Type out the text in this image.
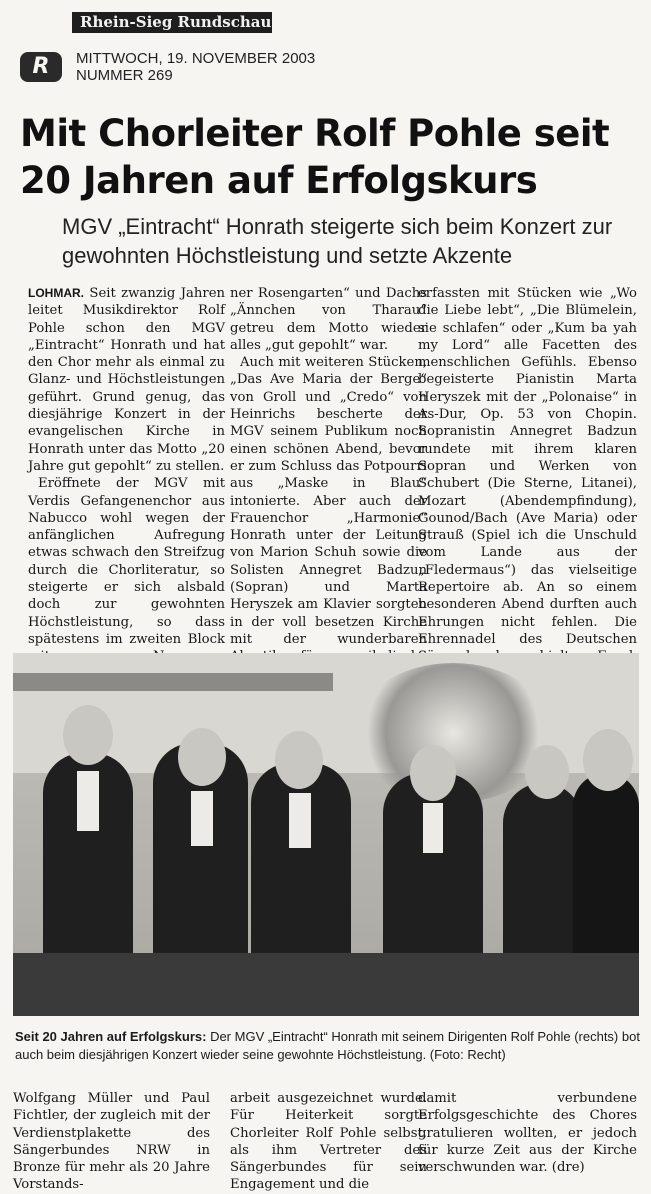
Rhein-Sieg Rundschau
R	MITTWOCH, 19. NOVEMBER 2003
NUMMER 269
Mit Chorleiter Rolf Pohle seit 20 Jahren auf Erfolgskurs
MGV „Eintracht“ Honrath steigerte sich beim Konzert zur gewohnten Höchstleistung und setzte Akzente

LOHMAR. Seit zwanzig Jahren leitet Musikdirektor Rolf Pohle schon den MGV „Eintracht“ Honrath und hat den Chor mehr als einmal zu Glanz- und Höchstleistungen geführt. Grund genug, das diesjährige Konzert in der evangelischen Kirche in Honrath unter das Motto „20 Jahre gut gepohlt“ zu stellen.

Eröffnete der MGV mit Verdis Gefangenenchor aus Nabucco wohl wegen der anfänglichen Aufregung etwas schwach den Streifzug durch die Chorliteratur, so steigerte er sich alsbald doch zur gewohnten Höchstleistung, so dass spätestens im zweiten Block

ner Rosengarten“ und Dachs „Ännchen von Tharau“ getreu dem Motto wieder alles „gut gepohlt“ war.

Auch mit weiteren Stücken, „Das Ave Maria der Berge“ von Groll und „Credo“ von Heinrichs bescherte der MGV seinem Publikum noch einen schönen Abend, bevor er zum Schluss das Potpourri aus „Maske in Blau“ intonierte. Aber auch der Frauenchor „Harmonie“ Honrath unter der Leitung von Marion Schuh sowie die Solisten Annegret Badzun (Sopran) und Marta Heryszek am Klavier sorgten in der voll besetzen Kirche mit der wunderbaren

erfassten mit Stücken wie „Wo die Liebe lebt“, „Die Blümelein, sie schlafen“ oder „Kum ba yah my Lord“ alle Facetten des menschlichen Gefühls. Ebenso begeisterte Pianistin Marta Heryszek mit der „Polonaise“ in As-Dur, Op. 53 von Chopin. Sopranistin Annegret Badzun rundete mit ihrem klaren Sopran und Werken von Schubert (Die Sterne, Litanei), Mozart (Abendempfindung), Gounod/Bach (Ave Maria) oder Strauß (Spiel ich die Unschuld vom Lande aus der „Fledermaus“) das vielseitige Repertoire ab. An so einem besonderen Abend durften auch Ehrungen nicht fehlen. Die Ehrennadel des Deutschen

Seit 20 Jahren auf Erfolgskurs: Der MGV „Eintracht“ Honrath mit seinem Dirigenten Rolf Pohle (rechts) bot auch beim diesjährigen Konzert wieder seine gewohnte Höchstleistung. (Foto: Recht)
Wolfgang Müller und Paul Fichtler, der zugleich mit der Verdienstplakette des Sängerbundes NRW in Bronze für mehr als 20 Jahre Vorstands-
arbeit ausgezeichnet wurde. Für Heiterkeit sorgte Chorleiter Rolf Pohle selbst, als ihm Vertreter des Sängerbundes für sein Engagement und die
damit verbundene Erfolgsgeschichte des Chores gratulieren wollten, er jedoch für kurze Zeit aus der Kirche verschwunden war. (dre)
